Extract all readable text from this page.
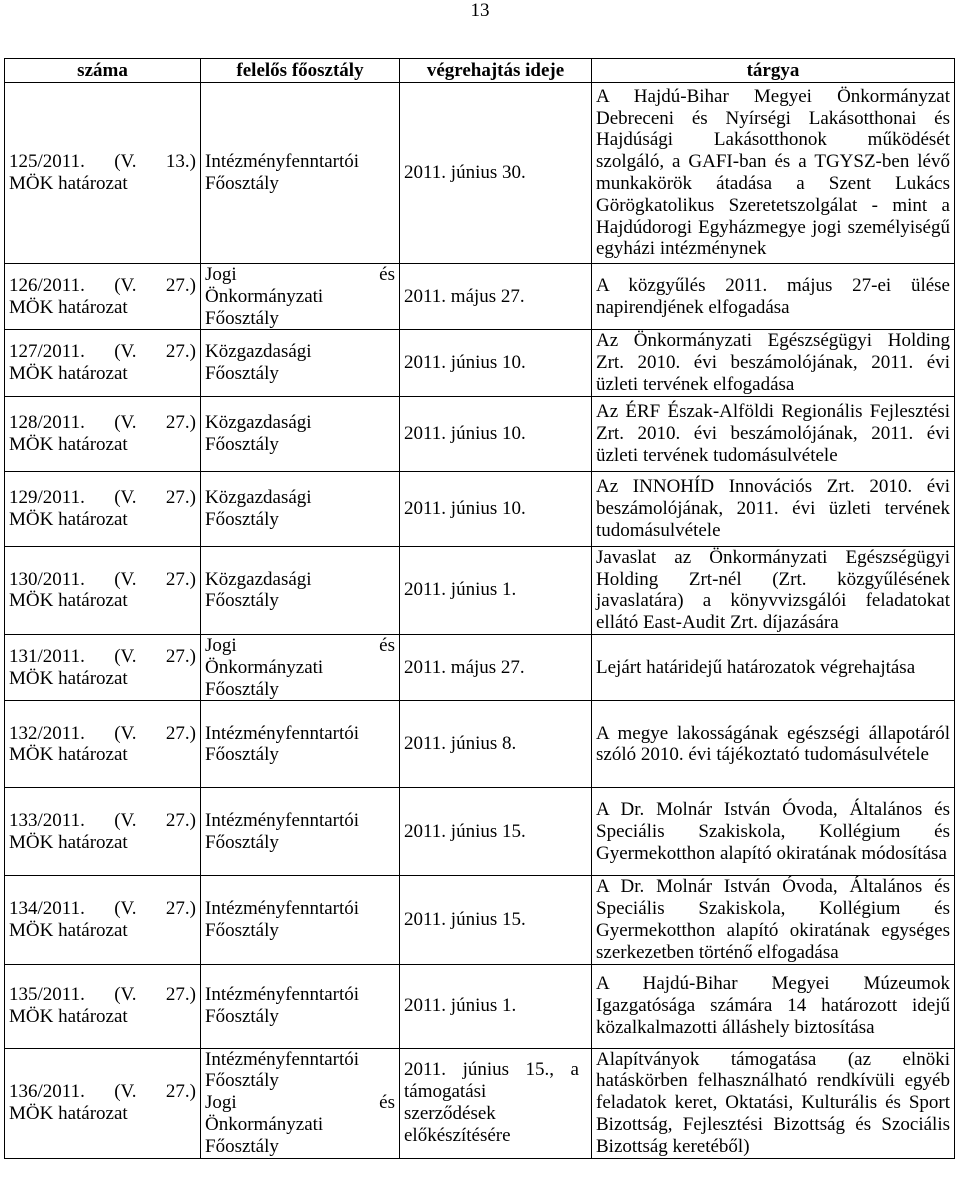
13
száma	felelős főosztály	végrehajtás ideje	tárgya

125/2011. (V. 13.)
MÖK határozat	Intézményfenntartói
Főosztály	2011. június 30.	A Hajdú-Bihar Megyei Önkormányzat Debreceni és Nyírségi Lakásotthonai és Hajdúsági Lakásotthonok működését szolgáló, a GAFI-ban és a TGYSZ-ben lévő munkakörök átadása a Szent Lukács Görögkatolikus Szeretetszolgálat - mint a Hajdúdorogi Egyházmegye jogi személyiségű egyházi intézménynek

126/2011. (V. 27.)
MÖK határozat	Jogi és
Önkormányzati
Főosztály	2011. május 27.	A közgyűlés 2011. május 27-ei ülése napirendjének elfogadása

127/2011. (V. 27.)
MÖK határozat	Közgazdasági
Főosztály	2011. június 10.	Az Önkormányzati Egészségügyi Holding Zrt. 2010. évi beszámolójának, 2011. évi üzleti tervének elfogadása

128/2011. (V. 27.)
MÖK határozat	Közgazdasági
Főosztály	2011. június 10.	Az ÉRF Észak-Alföldi Regionális Fejlesztési Zrt. 2010. évi beszámolójának, 2011. évi üzleti tervének tudomásulvétele

129/2011. (V. 27.)
MÖK határozat	Közgazdasági
Főosztály	2011. június 10.	Az INNOHÍD Innovációs Zrt. 2010. évi beszámolójának, 2011. évi üzleti tervének tudomásulvétele

130/2011. (V. 27.)
MÖK határozat	Közgazdasági
Főosztály	2011. június 1.	Javaslat az Önkormányzati Egészségügyi Holding Zrt-nél (Zrt. közgyűlésének javaslatára) a könyvvizsgálói feladatokat ellátó East-Audit Zrt. díjazására

131/2011. (V. 27.)
MÖK határozat	Jogi és
Önkormányzati
Főosztály	2011. május 27.	Lejárt határidejű határozatok végrehajtása

132/2011. (V. 27.)
MÖK határozat	Intézményfenntartói
Főosztály	2011. június 8.	A megye lakosságának egészségi állapotáról szóló 2010. évi tájékoztató tudomásulvétele

133/2011. (V. 27.)
MÖK határozat	Intézményfenntartói
Főosztály	2011. június 15.	A Dr. Molnár István Óvoda, Általános és Speciális Szakiskola, Kollégium és Gyermekotthon alapító okiratának módosítása

134/2011. (V. 27.)
MÖK határozat	Intézményfenntartói
Főosztály	2011. június 15.	A Dr. Molnár István Óvoda, Általános és Speciális Szakiskola, Kollégium és Gyermekotthon alapító okiratának egységes szerkezetben történő elfogadása

135/2011. (V. 27.)
MÖK határozat	Intézményfenntartói
Főosztály	2011. június 1.	A Hajdú-Bihar Megyei Múzeumok Igazgatósága számára 14 határozott idejű közalkalmazotti álláshely biztosítása

136/2011. (V. 27.)
MÖK határozat	Intézményfenntartói
Főosztály
Jogi és
Önkormányzati
Főosztály	2011. június 15., a
támogatási
szerződések
előkészítésére	Alapítványok támogatása (az elnöki hatáskörben felhasználható rendkívüli egyéb feladatok keret, Oktatási, Kulturális és Sport Bizottság, Fejlesztési Bizottság és Szociális Bizottság keretéből)
